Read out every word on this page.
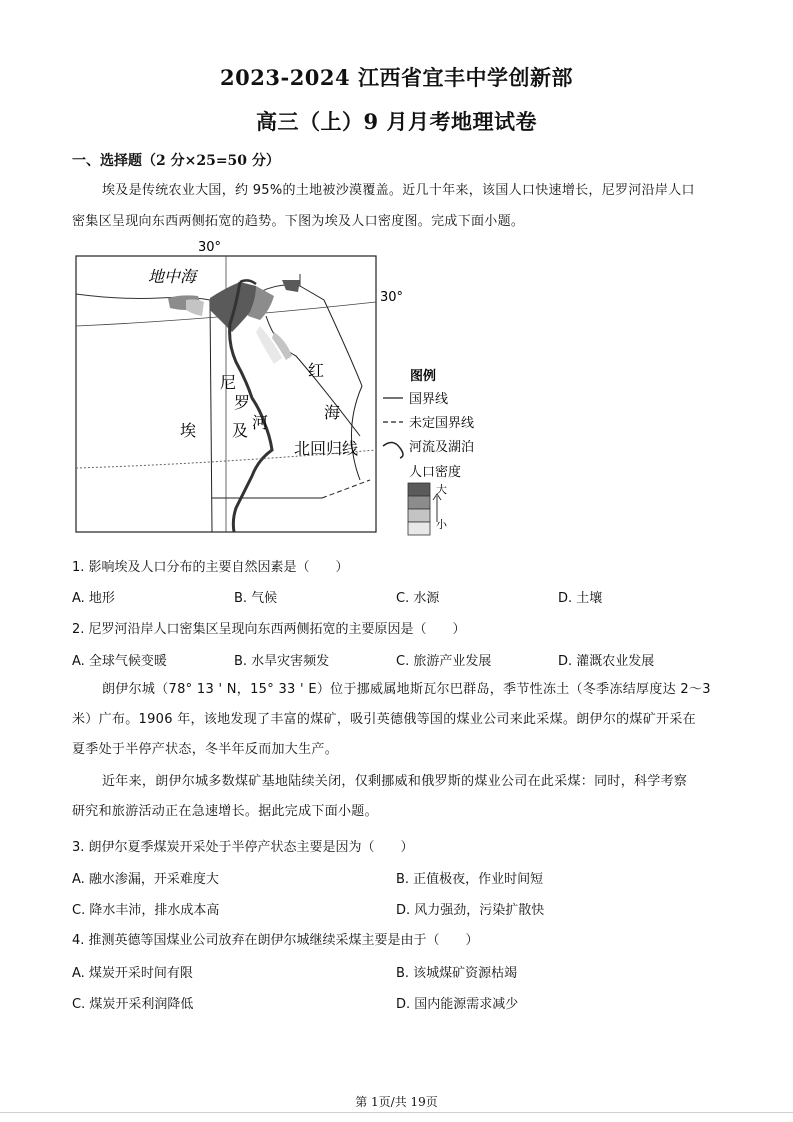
2023-2024 江西省宜丰中学创新部
高三（上）9 月月考地理试卷
一、选择题（2 分×25=50 分）
埃及是传统农业大国，约 95%的土地被沙漠覆盖。近几十年来，该国人口快速增长，尼罗河沿岸人口
密集区呈现向东西两侧拓宽的趋势。下图为埃及人口密度图。完成下面小题。
30°
30°
地中海
尼
罗
河
红
海
埃 及
北回归线
图例
国界线
未定国界线
河流及湖泊
人口密度
大
小
1. 影响埃及人口分布的主要自然因素是（　　）
A. 地形	B. 气候	C. 水源	D. 土壤
2. 尼罗河沿岸人口密集区呈现向东西两侧拓宽的主要原因是（　　）
A. 全球气候变暖	B. 水旱灾害频发	C. 旅游产业发展	D. 灌溉农业发展
朗伊尔城（78° 13 ' N，15° 33 ' E）位于挪威属地斯瓦尔巴群岛，季节性冻土（冬季冻结厚度达 2～3
米）广布。1906 年，该地发现了丰富的煤矿，吸引英德俄等国的煤业公司来此采煤。朗伊尔的煤矿开采在
夏季处于半停产状态，冬半年反而加大生产。
近年来，朗伊尔城多数煤矿基地陆续关闭，仅剩挪威和俄罗斯的煤业公司在此采煤：同时，科学考察
研究和旅游活动正在急速增长。据此完成下面小题。
3. 朗伊尔夏季煤炭开采处于半停产状态主要是因为（　　）
A. 融水渗漏，开采难度大	B. 正值极夜，作业时间短
C. 降水丰沛，排水成本高	D. 风力强劲，污染扩散快
4. 推测英德等国煤业公司放弃在朗伊尔城继续采煤主要是由于（　　）
A. 煤炭开采时间有限	B. 该城煤矿资源枯竭
C. 煤炭开采利润降低	D. 国内能源需求减少
第 1页/共 19页
